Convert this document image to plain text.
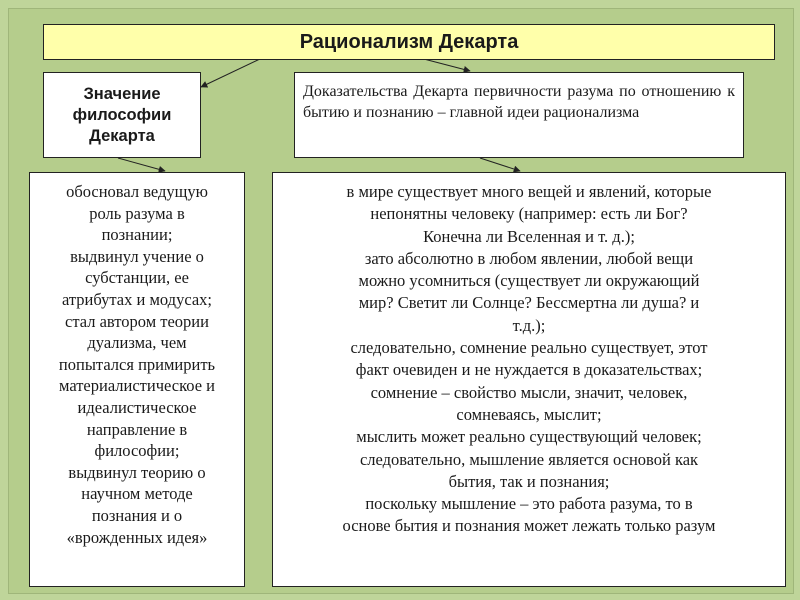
Рационализм Декарта
Значение
философии
Декарта
Доказательства Декарта первичности разума по отношению к бытию и познанию – главной идеи рационализма
обосновал ведущую
роль разума в
познании;
выдвинул учение о
субстанции, ее
атрибутах и модусах;
стал автором теории
дуализма, чем
попытался примирить
материалистическое и
идеалистическое
направление в
философии;
выдвинул теорию о
научном методе
познания и о
«врожденных идея»
в мире существует много вещей и явлений, которые
непонятны человеку (например: есть ли Бог?
Конечна ли Вселенная и т. д.);
зато абсолютно в любом явлении, любой вещи
можно усомниться (существует ли окружающий
мир? Светит ли Солнце? Бессмертна ли душа? и
т.д.);
следовательно, сомнение реально существует, этот
факт очевиден и не нуждается в доказательствах;
сомнение – свойство мысли, значит, человек,
сомневаясь, мыслит;
мыслить может реально существующий человек;
следовательно, мышление является основой как
бытия, так и познания;
поскольку мышление – это работа разума, то в
основе бытия и познания может лежать только разум
